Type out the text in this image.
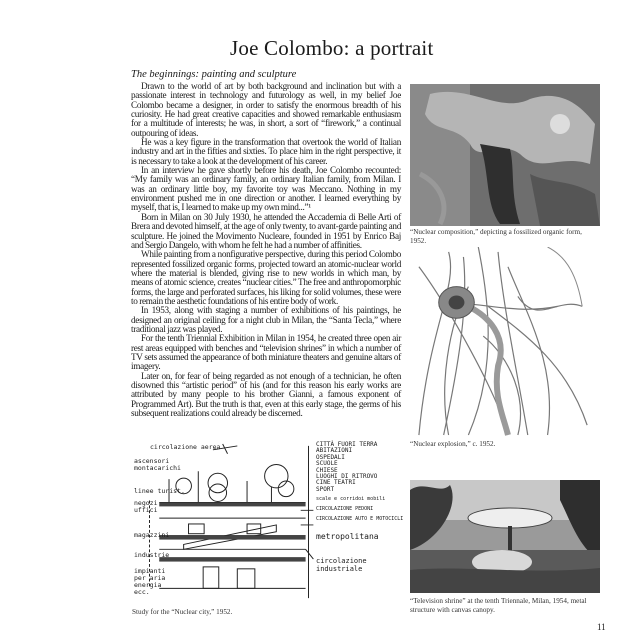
Joe Colombo: a portrait
The beginnings: painting and sculpture

Drawn to the world of art by both background and inclination but with a passionate interest in technology and futurology as well, in my belief Joe Colombo became a designer, in order to satisfy the enormous breadth of his curiosity. He had great creative capacities and showed remarkable enthusiasm for a multitude of interests; he was, in short, a sort of “firework,” a continual outpouring of ideas.

He was a key figure in the transformation that overtook the world of Italian industry and art in the fifties and sixties. To place him in the right perspective, it is necessary to take a look at the development of his career.

In an interview he gave shortly before his death, Joe Colombo recounted: “My family was an ordinary family, an ordinary Italian family, from Milan. I was an ordinary little boy, my favorite toy was Meccano. Nothing in my environment pushed me in one direction or another. I learned everything by myself, that is, I learned to make up my own mind...”¹

Born in Milan on 30 July 1930, he attended the Accademia di Belle Arti of Brera and devoted himself, at the age of only twenty, to avant-garde painting and sculpture. He joined the Movimento Nucleare, founded in 1951 by Enrico Baj and Sergio Dangelo, with whom he felt he had a number of affinities.

While painting from a nonfigurative perspective, during this period Colombo represented fossilized organic forms, projected toward an atomic-nuclear world where the material is blended, giving rise to new worlds in which man, by means of atomic science, creates “nuclear cities.” The free and anthropomorphic forms, the large and perforated surfaces, his liking for solid volumes, these were to remain the aesthetic foundations of his entire body of work.

In 1953, along with staging a number of exhibitions of his paintings, he designed an original ceiling for a night club in Milan, the “Santa Tecla,” where traditional jazz was played.

For the tenth Triennial Exhibition in Milan in 1954, he created three open air rest areas equipped with benches and “television shrines” in which a number of TV sets assumed the appearance of both miniature theaters and genuine altars of imagery.

Later on, for fear of being regarded as not enough of a technician, he often disowned this “artistic period” of his (and for this reason his early works are attributed by many people to his brother Gianni, a famous exponent of Programmed Art). But the truth is that, even at this early stage, the germs of his subsequent realizations could already be discerned.

“Nuclear composition,” depicting a fossilized organic form, 1952.
“Nuclear explosion,” c. 1952.
“Television shrine” at the tenth Triennale, Milan, 1954, metal structure with canvas canopy.
circolazione aerea
ascensori montacarichi
linee turist.
negozi uffici
magazzini
industrie
impianti per aria energia ecc.
CITTÀ FUORI TERRA
ABITAZIONI
OSPEDALI
SCUOLE
CHIESE
LUOGHI DI RITROVO
CINE TEATRI
SPORT
scale e corridoi mobili
CIRCOLAZIONE PEDONI
CIRCOLAZIONE AUTO E MOTOCICLI
metropolitana
circolazione industriale
Study for the “Nuclear city,” 1952.
11
